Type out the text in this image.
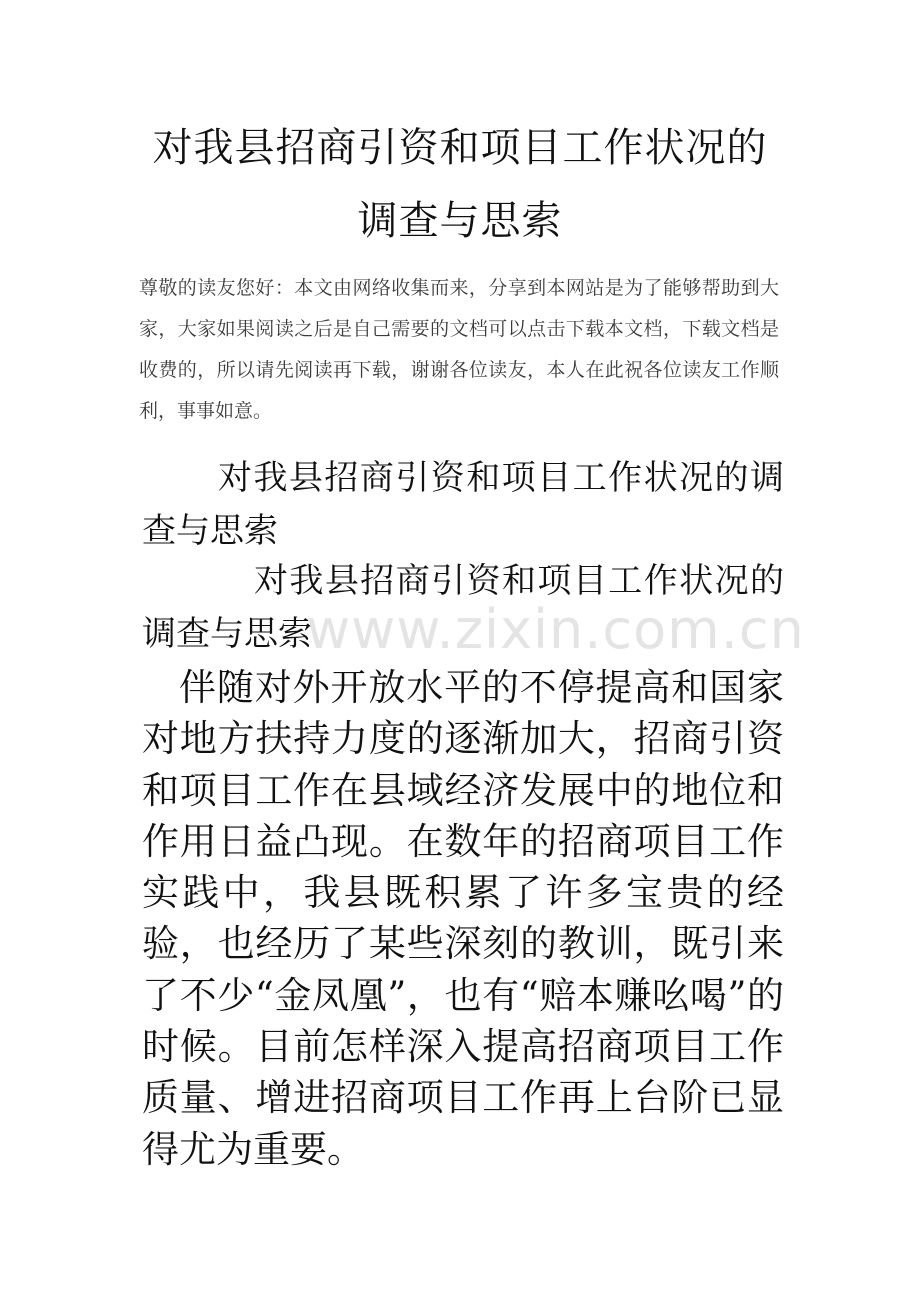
对我县招商引资和项目工作状况的
调查与思索
尊敬的读友您好：本文由网络收集而来，分享到本网站是为了能够帮助到大家，大家如果阅读之后是自己需要的文档可以点击下载本文档，下载文档是收费的，所以请先阅读再下载，谢谢各位读友，本人在此祝各位读友工作顺利，事事如意。
对我县招商引资和项目工作状况的调查与思索
对我县招商引资和项目工作状况的调查与思索
www.zixin.com.cn
伴随对外开放水平的不停提高和国家对地方扶持力度的逐渐加大，招商引资和项目工作在县域经济发展中的地位和作用日益凸现。在数年的招商项目工作实践中，我县既积累了许多宝贵的经验，也经历了某些深刻的教训，既引来了不少“金凤凰”，也有“赔本赚吆喝”的时候。目前怎样深入提高招商项目工作质量、增进招商项目工作再上台阶已显得尤为重要。
